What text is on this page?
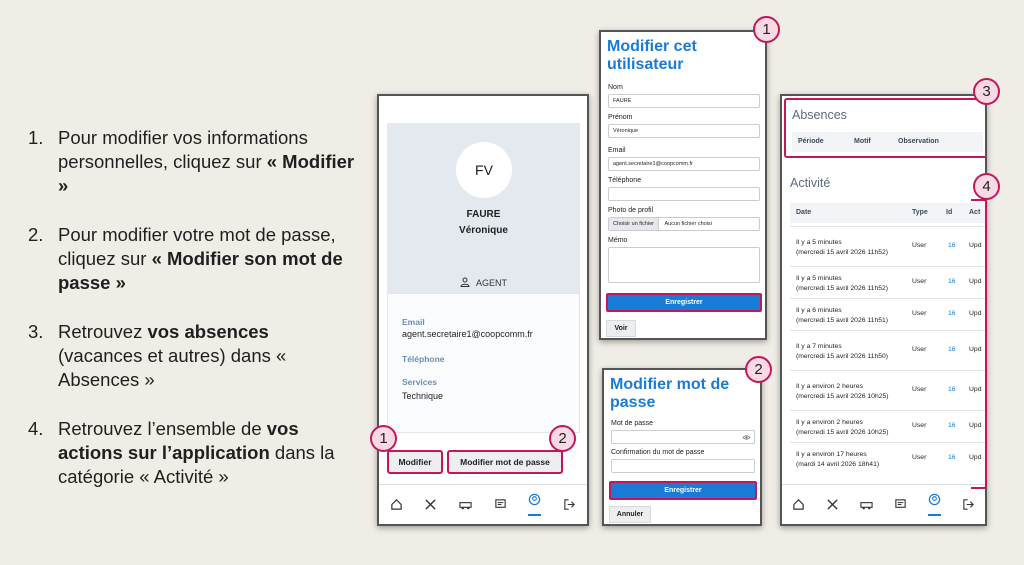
1. Pour modifier vos informations personnelles, cliquez sur « Modifier »
2. Pour modifier votre mot de passe, cliquez sur « Modifier son mot de passe »
3. Retrouvez vos absences (vacances et autres) dans « Absences »
4. Retrouvez l’ensemble de vos actions sur l’application dans la catégorie « Activité »
FV
FAURE
Véronique
AGENT
Email
agent.secretaire1@coopcomm.fr
Téléphone
Services
Technique
Modifier	Modifier mot de passe
1	2
Modifier cet
utilisateur
Nom
FAURE
Prénom
Véronique
Email
agent.secretaire1@coopcomm.fr
Téléphone
Photo de profil
Choisir un fichier Aucun fichier choisi
Mémo
Enregistrer
Voir
1
Modifier mot de
passe
Mot de passe
Confirmation du mot de passe
Enregistrer
Annuler
2
Absences
Période	Motif	Observation
Activité
Date	Type	Id Act
Il y a 5 minutes
(mercredi 15 avril 2026 11h52)
User	16 Upd
Il y a 5 minutes
(mercredi 15 avril 2026 11h52)
User	16 Upd
Il y a 6 minutes
(mercredi 15 avril 2026 11h51)
User	16 Upd
Il y a 7 minutes
(mercredi 15 avril 2026 11h50)
User	16 Upd
Il y a environ 2 heures
(mercredi 15 avril 2026 10h25)
User	16 Upd
Il y a environ 2 heures
(mercredi 15 avril 2026 10h25)
User	16 Upd
Il y a environ 17 heures
(mardi 14 avril 2026 18h41)
User	16 Upd
3
4
